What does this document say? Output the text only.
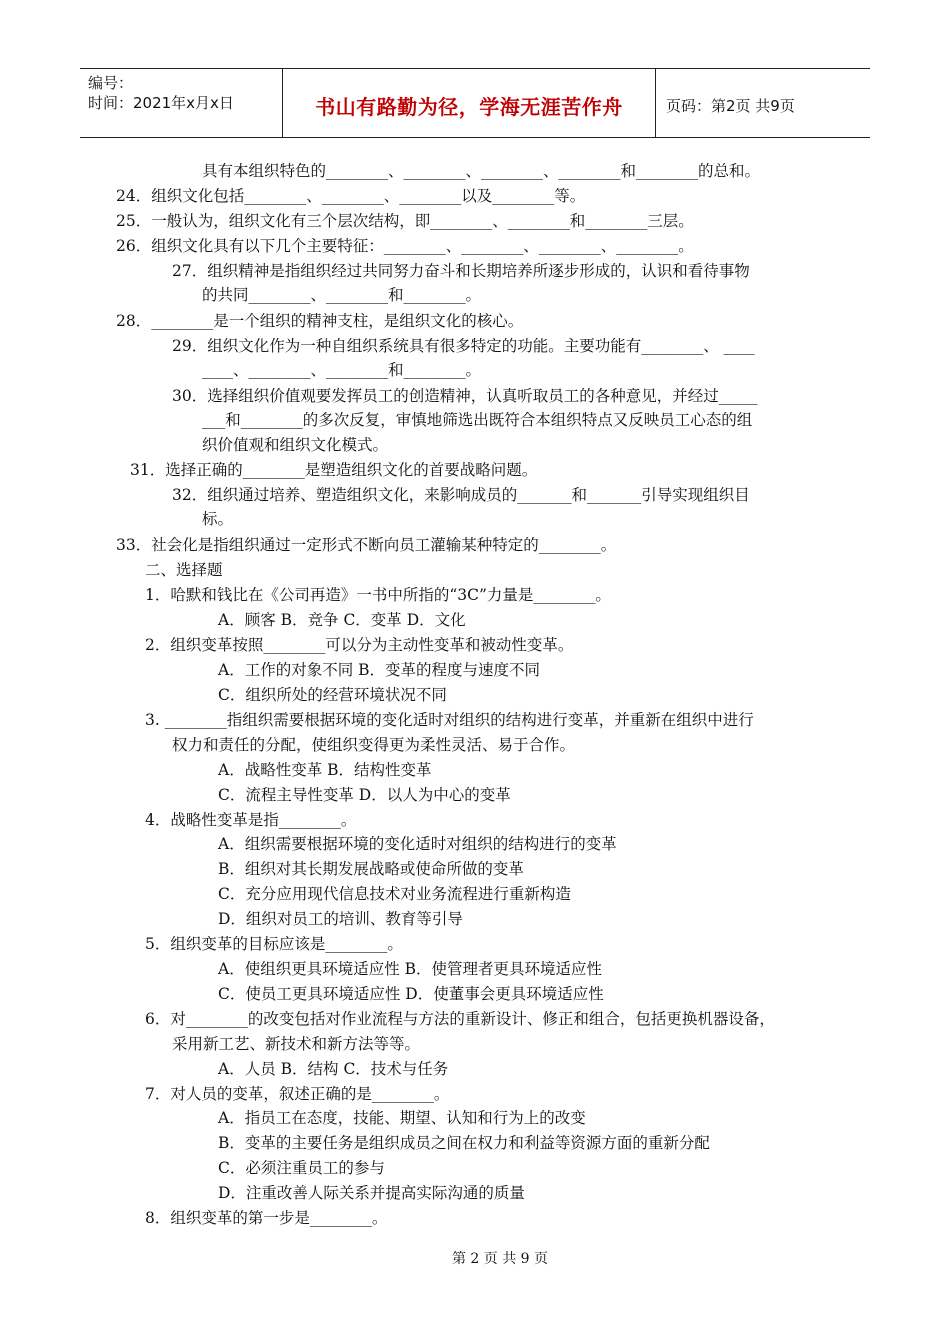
编号：
时间：2021年x月x日	书山有路勤为径，学海无涯苦作舟	页码：第2页 共9页
具有本组织特色的________、________、________、________和________的总和。
24．组织文化包括________、________、________以及________等。
25．一般认为，组织文化有三个层次结构，即________、________和________三层。
26．组织文化具有以下几个主要特征：________、________、________、________。
27．组织精神是指组织经过共同努力奋斗和长期培养所逐步形成的，认识和看待事物
的共同________、________和________。
28．________是一个组织的精神支柱，是组织文化的核心。
29．组织文化作为一种自组织系统具有很多特定的功能。主要功能有________、 ____
____、________、________和________。
30．选择组织价值观要发挥员工的创造精神，认真听取员工的各种意见，并经过_____
___和________的多次反复，审慎地筛选出既符合本组织特点又反映员工心态的组
织价值观和组织文化模式。
31．选择正确的________是塑造组织文化的首要战略问题。
32．组织通过培养、塑造组织文化，来影响成员的_______和_______引导实现组织目
标。
33．社会化是指组织通过一定形式不断向员工灌输某种特定的________。
二、选择题
1．哈默和钱比在《公司再造》一书中所指的“3C”力量是________。
A．顾客 B．竞争 C．变革 D．文化
2．组织变革按照________可以分为主动性变革和被动性变革。
A．工作的对象不同 B．变革的程度与速度不同
C．组织所处的经营环境状况不同
3. ________指组织需要根据环境的变化适时对组织的结构进行变革，并重新在组织中进行
权力和责任的分配，使组织变得更为柔性灵活、易于合作。
A．战略性变革 B．结构性变革
C．流程主导性变革 D．以人为中心的变革
4．战略性变革是指________。
A．组织需要根据环境的变化适时对组织的结构进行的变革
B．组织对其长期发展战略或使命所做的变革
C．充分应用现代信息技术对业务流程进行重新构造
D．组织对员工的培训、教育等引导
5．组织变革的目标应该是________。
A．使组织更具环境适应性 B．使管理者更具环境适应性
C．使员工更具环境适应性 D．使董事会更具环境适应性
6．对________的改变包括对作业流程与方法的重新设计、修正和组合，包括更换机器设备，
采用新工艺、新技术和新方法等等。
A．人员 B．结构 C．技术与任务
7．对人员的变革，叙述正确的是________。
A．指员工在态度，技能、期望、认知和行为上的改变
B．变革的主要任务是组织成员之间在权力和利益等资源方面的重新分配
C．必须注重员工的参与
D．注重改善人际关系并提高实际沟通的质量
8．组织变革的第一步是________。
第 2 页 共 9 页
